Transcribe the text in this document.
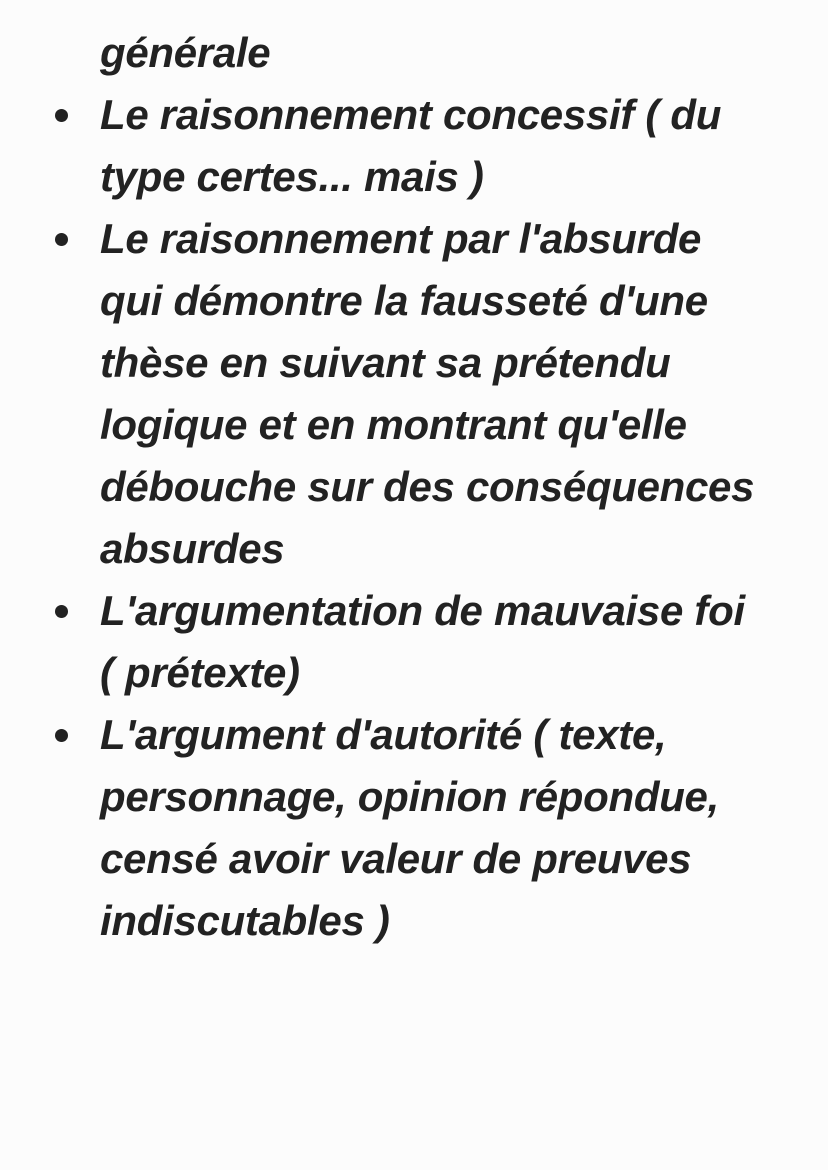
générale
Le raisonnement concessif ( du
type certes... mais )
Le raisonnement par l'absurde
qui démontre la fausseté d'une
thèse en suivant sa prétendu
logique et en montrant qu'elle
débouche sur des conséquences
absurdes
L'argumentation de mauvaise foi
( prétexte)
L'argument d'autorité ( texte,
personnage, opinion répondue,
censé avoir valeur de preuves
indiscutables )
